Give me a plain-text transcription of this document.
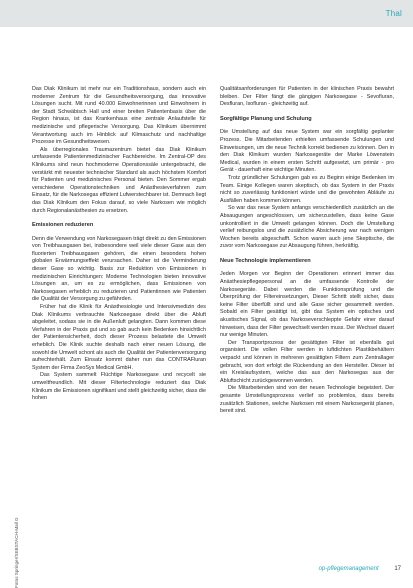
Thal
Fotos Springer/SEBSTACH-Mall G

Das Diak Klinikum ist mehr nur ein Traditionshaus, sondern auch ein moderner Zentrum für die Gesundheitsversorgung, das innovative Lösungen sucht. Mit rund 40.000 Einwohnerinnen und Einwohnern in der Stadt Schwäbisch Hall und einer breiten Patientenbasis über die Region hinaus, ist das Krankenhaus eine zentrale Anlaufstelle für medizinische und pflegerische Versorgung. Das Klinikum übernimmt Verantwortung auch im Hinblick auf Klimaschutz und nachhaltige Prozesse im Gesundheitswesen.

Als überregionales Traumazentrum bietet das Diak Klinikum umfassende Patientenmedizinischer Fachbereiche. Im Zentral-OP des Klinikums sind neun hochmoderne Operationssäle untergebracht, die verstärkt mit neuester technischer Standard als auch höchstem Komfort für Patienten und medizinisches Personal bieten. Den Sommer ergab verschiedene Operationstechniken und Anästhesieverfahren zum Einsatz, für die Narkosegas effizient Lufwerstechbarer ist. Demnach liegt das Diak Klinikum den Fokus darauf, so viele Narkosen wie möglich durch Regionalanästhesien zu ersetzen.

Emissionen reduzieren

Denn die Verwendung von Narkosegasen trägt direkt zu den Emissionen von Treibhausgasen bei, insbesondere weil viele dieser Gase aus den fluorierten Treibhausgasen gehören, die einen besonders hohen globalen Erwärmungseffekt verursachen. Daher ist die Verminderung dieser Gase so wichtig. Basis zur Reduktion von Emissionen in medizinischen Einrichtungen: Moderne Technologien bieten innovative Lösungen an, um es zu ermöglichen, dass Emissionen von Narkosegasen erheblich zu reduzieren und Patientinnen wie Patienten die Qualität der Versorgung zu gefährden.

Früher hat die Klinik für Anästhesiologie und Intensivmedizin des Diak Klinikums verbrauchte Narkosegase direkt über die Abluft abgeleitet, sodass sie in die Außenluft gelangten. Dann kommen diese Verfahren in der Praxis gut und so gab auch kein Bedenken hinsichtlich der Patientensicherheit, doch dieser Prozess belastete die Umwelt erheblich. Die Klinik suchte deshalb nach einer neuen Lösung, die sowohl die Umwelt schont als auch die Qualität der Patientenversorgung aufrechterhält. Zum Einsatz kommt daher nun das CONTRAFluran System der Firma ZeoSys Medical GmbH.

Das System sammelt Flüchtige Narkosegase und recycelt sie umweltfreundlich. Mit dieser Filtertechnologie reduziert das Diak Klinikum die Emissionen signifikant und stellt gleichzeitig sicher, dass die hohen

Qualitätsanforderungen für Patienten in der klinischen Praxis bewahrt bleiben. Der Filter fängt die gängigen Narkosegase - Sevofluran, Desfluran, Isofluran - gleichzeitig auf.

Sorgfältige Planung und Schulung

Die Umstellung auf das neue System war ein sorgfältig geplanter Prozess. Die Mitarbeitenden erhielten umfassende Schulungen und Einweisungen, um die neue Technik korrekt bedienen zu können. Den in den Diak Klinikum wurden Narkosegeräte der Marke Löwenstein Medical, wurden in einem ersten Schritt aufgesetzt, um primär - pro Gerät - dauerhaft eine wichtige Minuten.

Trotz gründlicher Schulungen gab es zu Beginn einige Bedenken im Team. Einige Kollegen waren skeptisch, ob das System in der Praxis nicht so zuverlässig funktioniert würde und die gewohnten Abläufe zu Ausfällen haben kommen können.

So war das neue System anfangs verschiedentlich zusätzlich an die Absaugungen angeschlossen, um sicherzustellen, dass keine Gase unkontrolliert in die Umwelt gelangen können. Doch die Umstellung verlief reibungslos und die zusätzliche Absicherung war nach wenigen Wochen bereits abgeschafft. Schon waren auch jene Skeptische, die zuvor vom Narkosegase zur Absaugung führen, herkräftig.

Neue Technologie implementieren

Jeden Morgen vor Beginn der Operationen erinnert immer das Anästhesiepflegepersonal an die umfassende Kontrolle der Narkosegeräte. Dabei werden die Funktionsprüfung und die Überprüfung der Filtereinsetzungen, Dieser Schritt stellt sicher, dass keine Filter überfüllt sind und alle Gase sicher gesammelt werden. Sobald ein Filter gesättigt ist, gibt das System ein optisches und akustisches Signal, ob das Narkoseverschleppte Gefahr einer darauf hinweisen, dass der Filter gewechselt werden muss. Der Wechsel dauert nur wenige Minuten.

Der Transportprozess der gesättigten Filter ist ebenfalls gut organisiert. Die vollen Filter werden in luftdichten Plastikbehältern verpackt und können in mehreren gesättigten Filtern zum Zentrallager gebracht, von dort erfolgt die Rückendung an den Hersteller. Dieser ist ein Kreislaufsystem, welche das aus den Narkosegas aus der Abluftschicht zurückgewonnen werden.

Die Mitarbeitenden sind von der neuen Technologie begeistert. Der gesamte Umstellungsprozess verlief so problemlos, dass bereits zusätzlich Stationen, welche Narkosen mit einem Narkosegerät planen, bereit sind.

op-pflegemanagement	17
